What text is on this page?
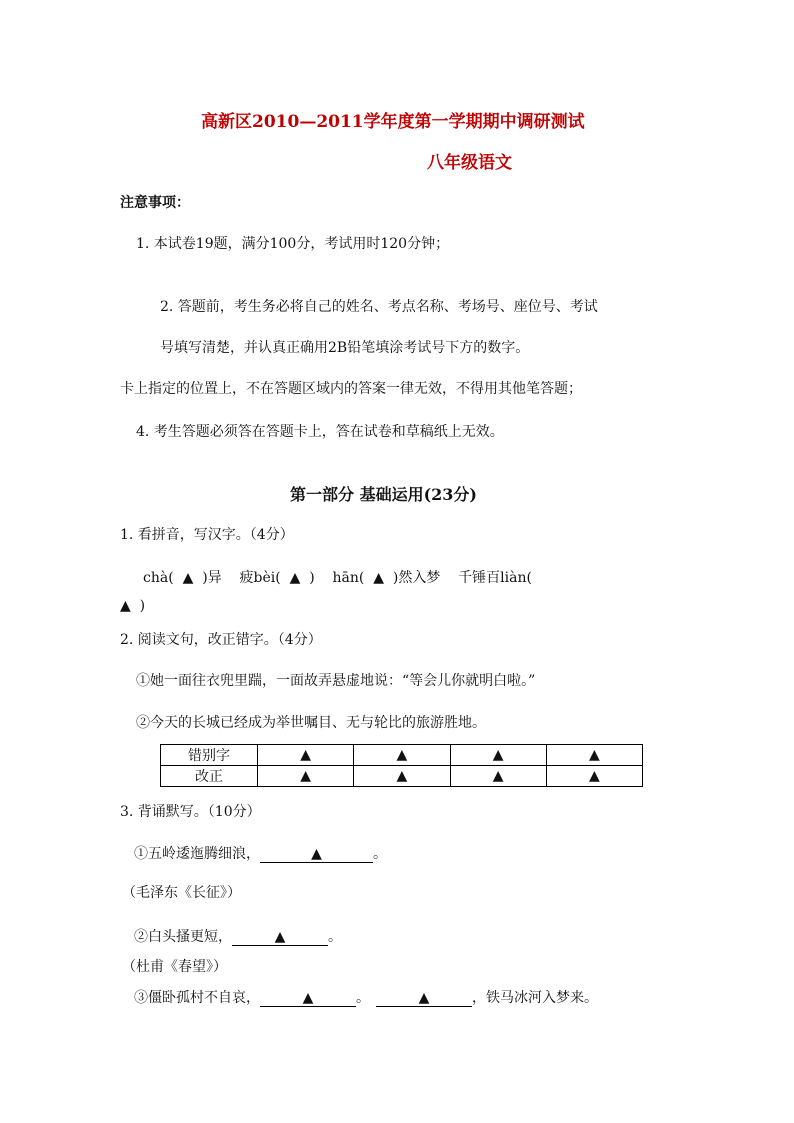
高新区2010—2011学年度第一学期期中调研测试
八年级语文
注意事项：
1. 本试卷19题，满分100分，考试用时120分钟；
2. 答题前，考生务必将自己的姓名、考点名称、考场号、座位号、考试
号填写清楚，并认真正确用2B铅笔填涂考试号下方的数字。
卡上指定的位置上，不在答题区域内的答案一律无效，不得用其他笔答题；
4. 考生答题必须答在答题卡上，答在试卷和草稿纸上无效。
第一部分 基础运用(23分)
1. 看拼音，写汉字。（4分）
chà(  ▲  )异    疲bèi(  ▲  )    hān(  ▲  )然入梦    千锤百liàn(
▲  )
2. 阅读文句，改正错字。（4分）
①她一面往衣兜里踹，一面故弄悬虚地说：“等会儿你就明白啦。”
②今天的长城已经成为举世嘱目、无与轮比的旅游胜地。
错别字	▲	▲	▲	▲
改正	▲	▲	▲	▲
3. 背诵默写。（10分）
①五岭逶迤腾细浪，	▲	。
（毛泽东《长征》）
②白头搔更短，	▲	。
（杜甫《春望》）
③僵卧孤村不自哀，	▲	。	▲	，铁马冰河入梦来。
